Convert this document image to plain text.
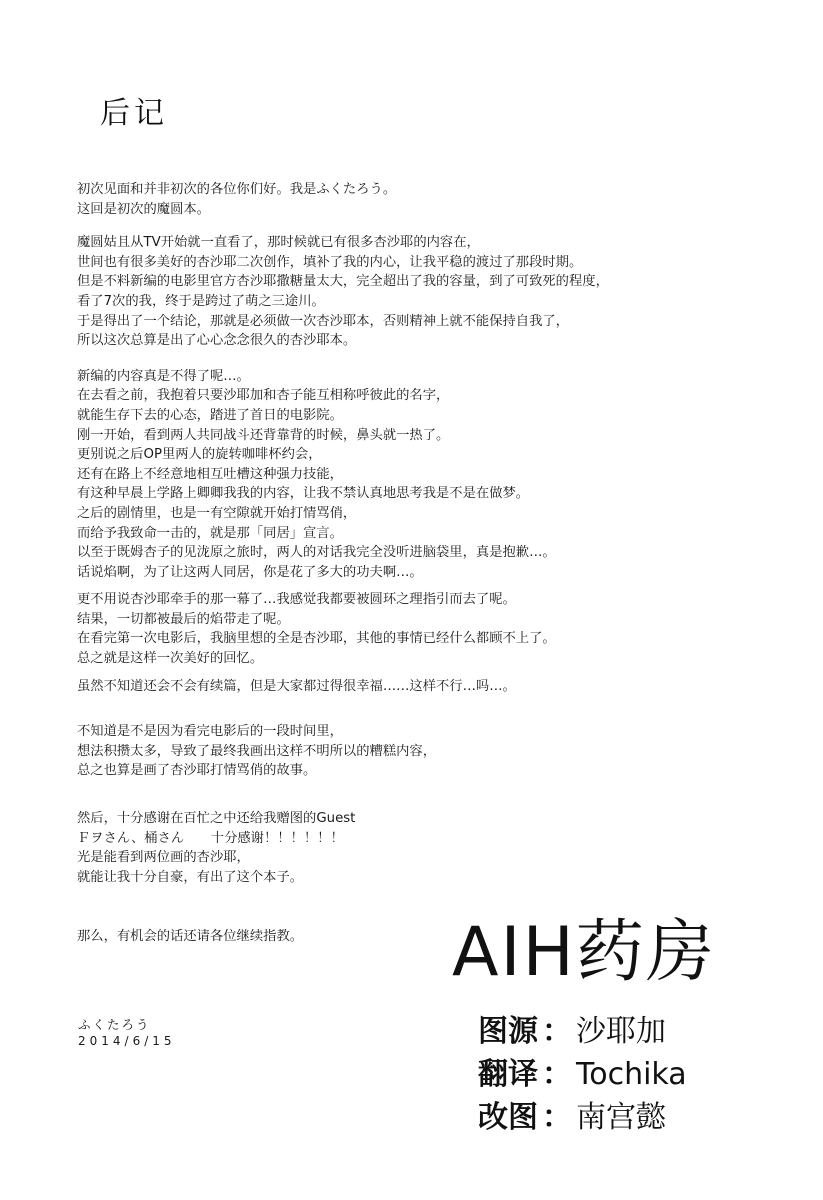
后记
初次见面和并非初次的各位你们好。我是ふくたろう。
这回是初次的魔圆本。
魔圆姑且从TV开始就一直看了，那时候就已有很多杏沙耶的内容在，
世间也有很多美好的杏沙耶二次创作，填补了我的内心，让我平稳的渡过了那段时期。
但是不料新编的电影里官方杏沙耶撒糖量太大，完全超出了我的容量，到了可致死的程度，
看了7次的我，终于是跨过了萌之三途川。
于是得出了一个结论，那就是必须做一次杏沙耶本，否则精神上就不能保持自我了，
所以这次总算是出了心心念念很久的杏沙耶本。
新编的内容真是不得了呢…。
在去看之前，我抱着只要沙耶加和杏子能互相称呼彼此的名字，
就能生存下去的心态，踏进了首日的电影院。
刚一开始，看到两人共同战斗还背靠背的时候，鼻头就一热了。
更别说之后OP里两人的旋转咖啡杯约会，
还有在路上不经意地相互吐槽这种强力技能，
有这种早晨上学路上卿卿我我的内容，让我不禁认真地思考我是不是在做梦。
之后的剧情里，也是一有空隙就开始打情骂俏，
而给予我致命一击的，就是那「同居」宣言。
以至于既姆杏子的见泷原之旅时，两人的对话我完全没听进脑袋里，真是抱歉…。
话说焰啊，为了让这两人同居，你是花了多大的功夫啊…。
更不用说杏沙耶牵手的那一幕了…我感觉我都要被圆环之理指引而去了呢。
结果，一切都被最后的焰带走了呢。
在看完第一次电影后，我脑里想的全是杏沙耶，其他的事情已经什么都顾不上了。
总之就是这样一次美好的回忆。
虽然不知道还会不会有续篇，但是大家都过得很幸福……这样不行…吗…。
不知道是不是因为看完电影后的一段时间里，
想法积攒太多，导致了最终我画出这样不明所以的糟糕内容，
总之也算是画了杏沙耶打情骂俏的故事。
然后，十分感谢在百忙之中还给我赠图的Guest
Ｆヲさん、桶さん　　十分感谢！！！！！！
光是能看到两位画的杏沙耶，
就能让我十分自豪，有出了这个本子。
那么，有机会的话还请各位继续指教。
ふくたろう
2014/6/15
AIH药房
图源 ： 沙耶加
翻译 ： Tochika
改图 ： 南宫懿
